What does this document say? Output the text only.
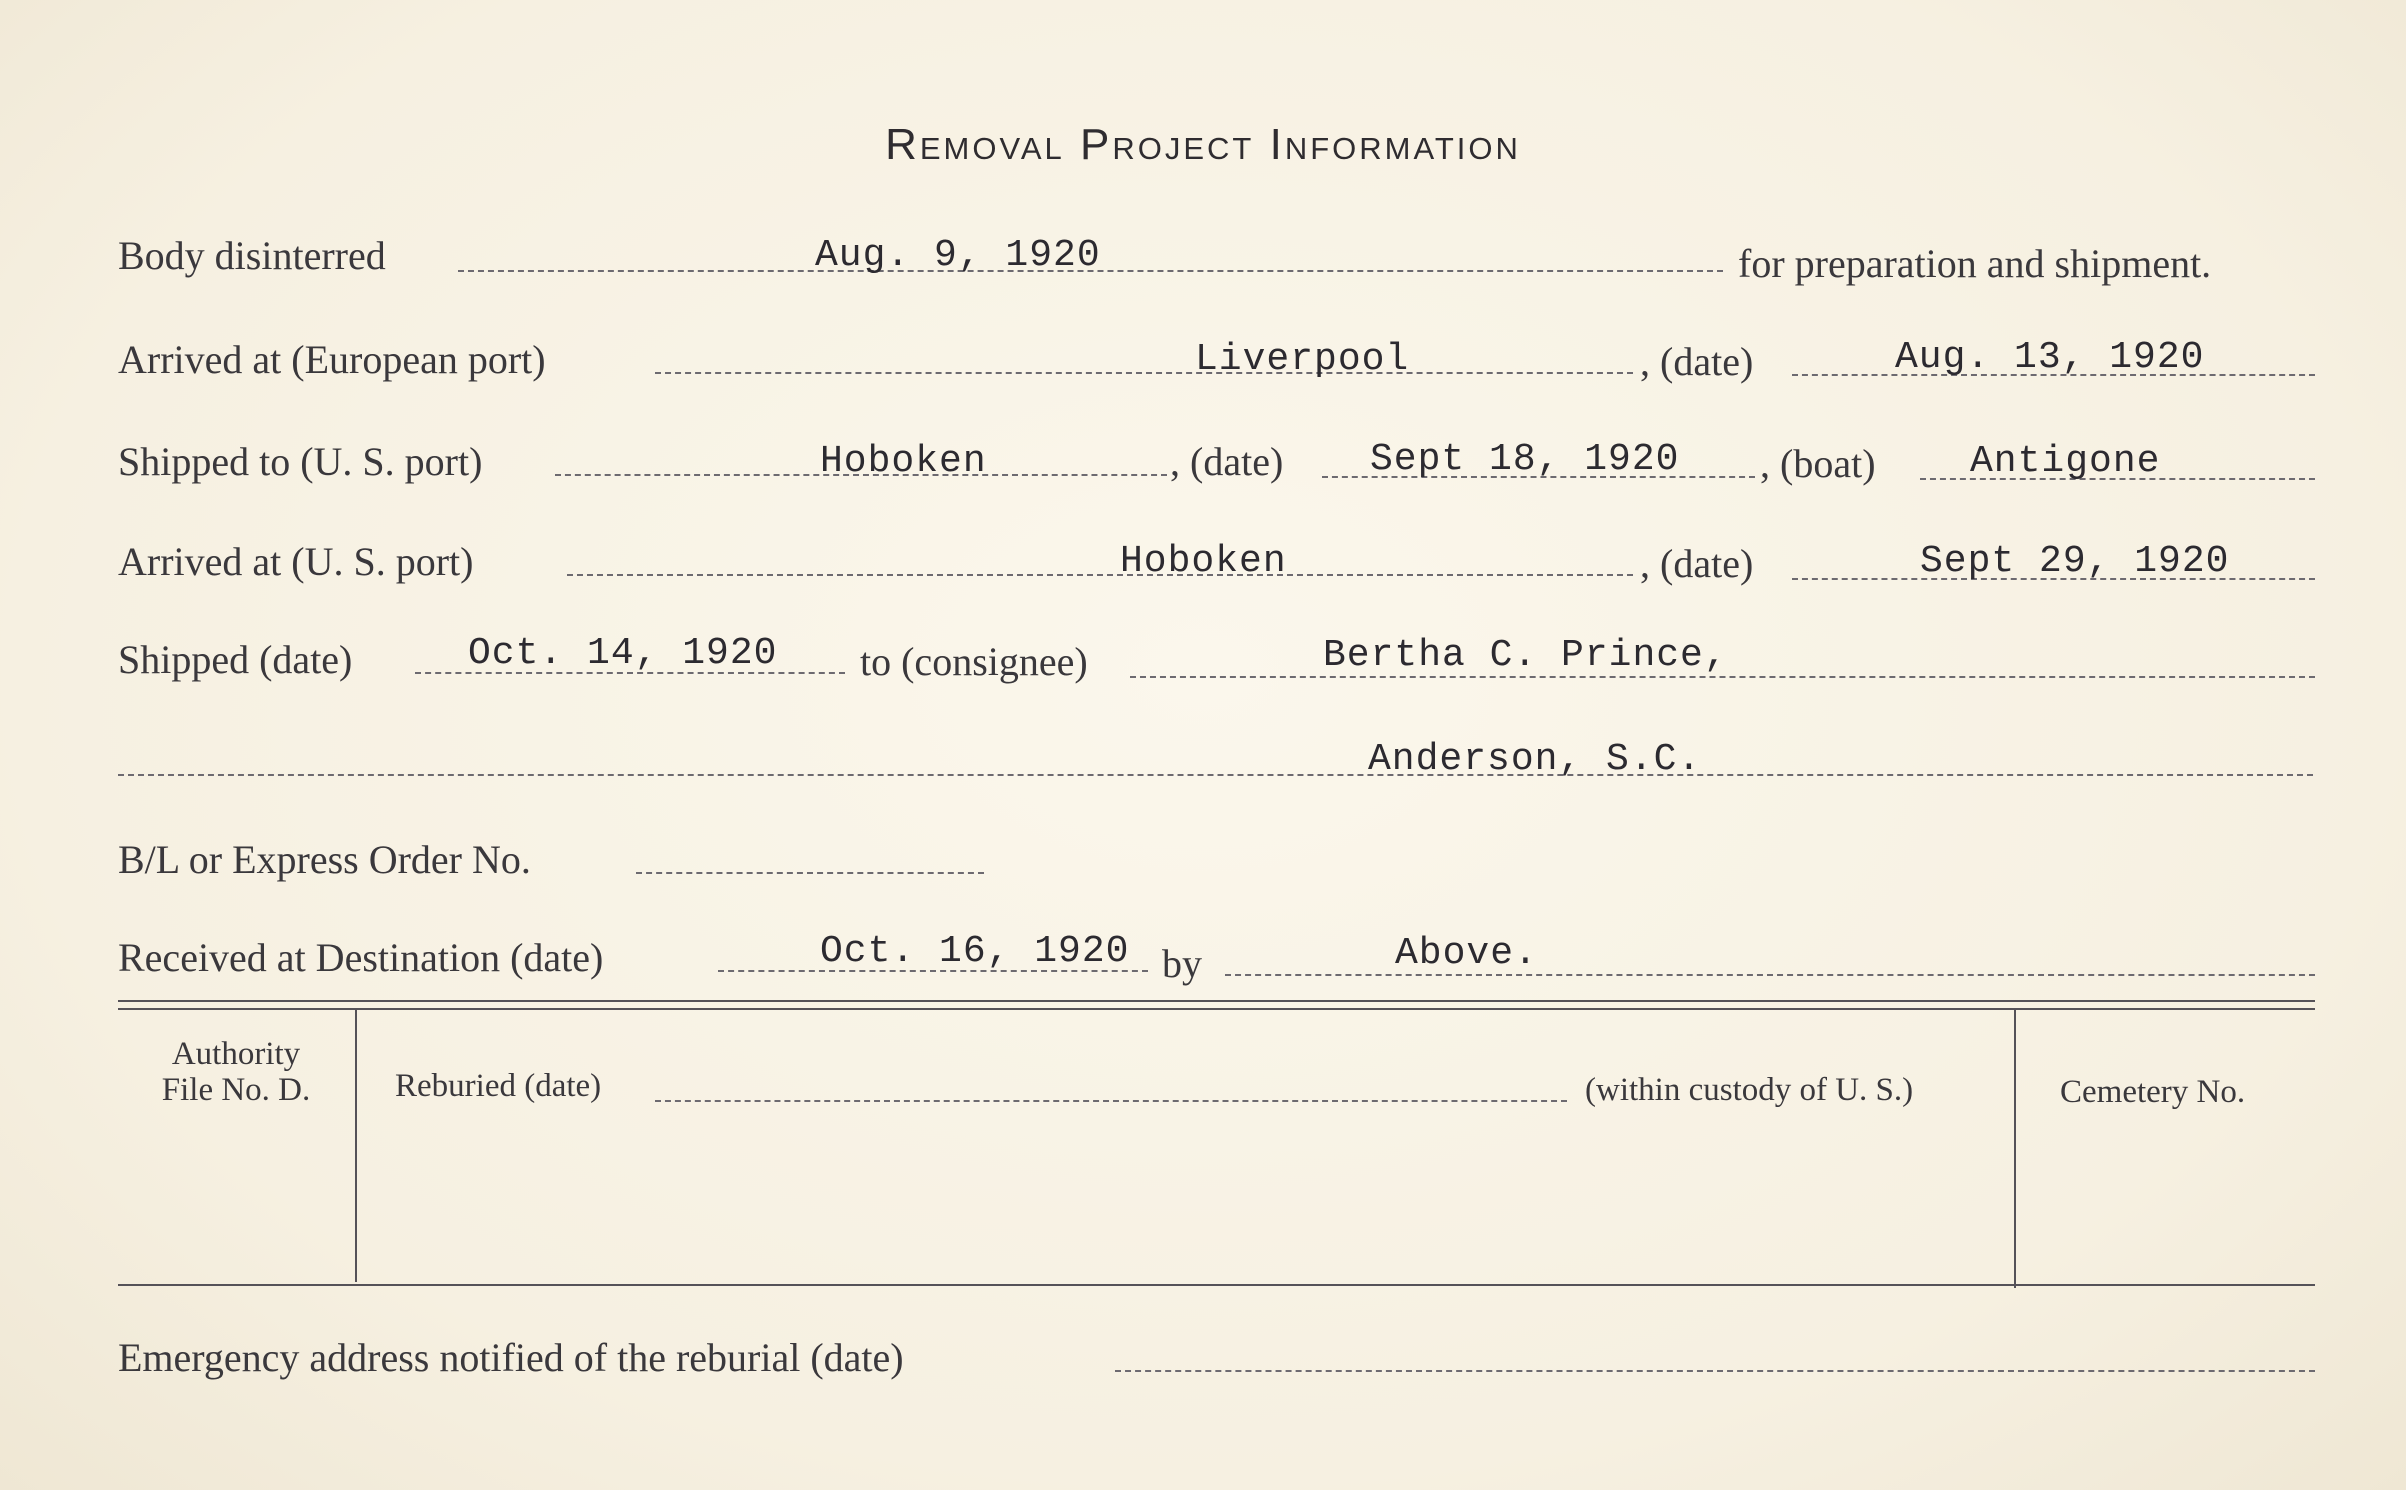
Removal Project Information
Body disinterred	Aug. 9, 1920	for preparation and shipment.
Arrived at (European port)	Liverpool	, (date)	Aug. 13, 1920
Shipped to (U. S. port)	Hoboken	, (date) Sept 18, 1920 , (boat) Antigone
Arrived at (U. S. port)	Hoboken	, (date)	Sept 29, 1920
Shipped (date)	Oct. 14, 1920 to (consignee)	Bertha C. Prince,
Anderson, S.C.
B/L or Express Order No.
Received at Destination (date)	Oct. 16, 1920 by	Above.
Authority
File No. D.	Reburied (date)	(within custody of U. S.)	Cemetery No.
Emergency address notified of the reburial (date)
